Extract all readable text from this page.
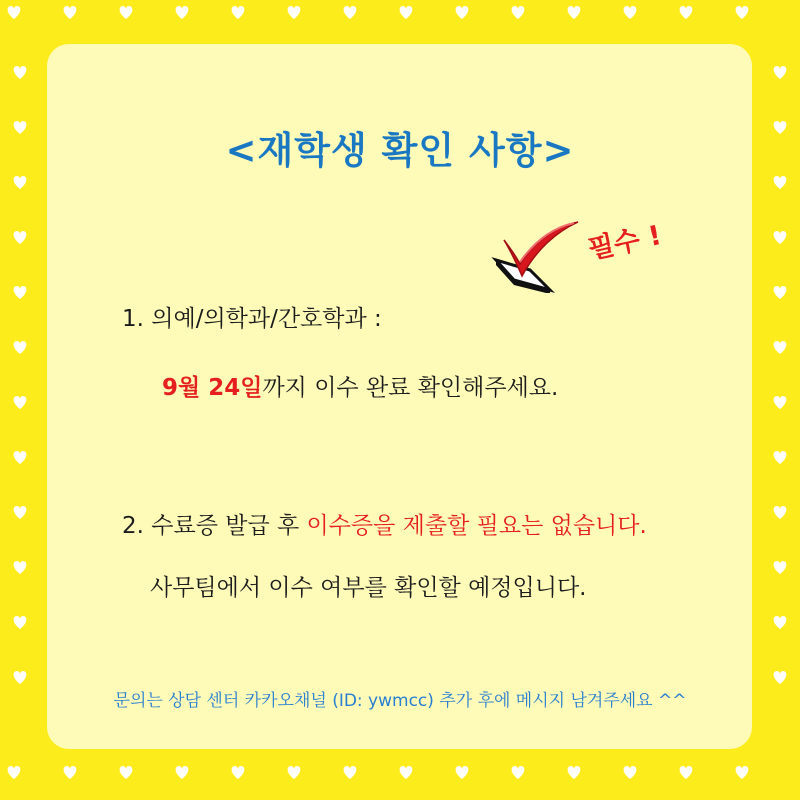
<재학생 확인 사항>
필수 !
1. 의예/의학과/간호학과 :
9월 24일까지 이수 완료 확인해주세요.
2. 수료증 발급 후 이수증을 제출할 필요는 없습니다.
사무팀에서 이수 여부를 확인할 예정입니다.
문의는 상담 센터 카카오채널 (ID: ywmcc) 추가 후에 메시지 남겨주세요 ^^
